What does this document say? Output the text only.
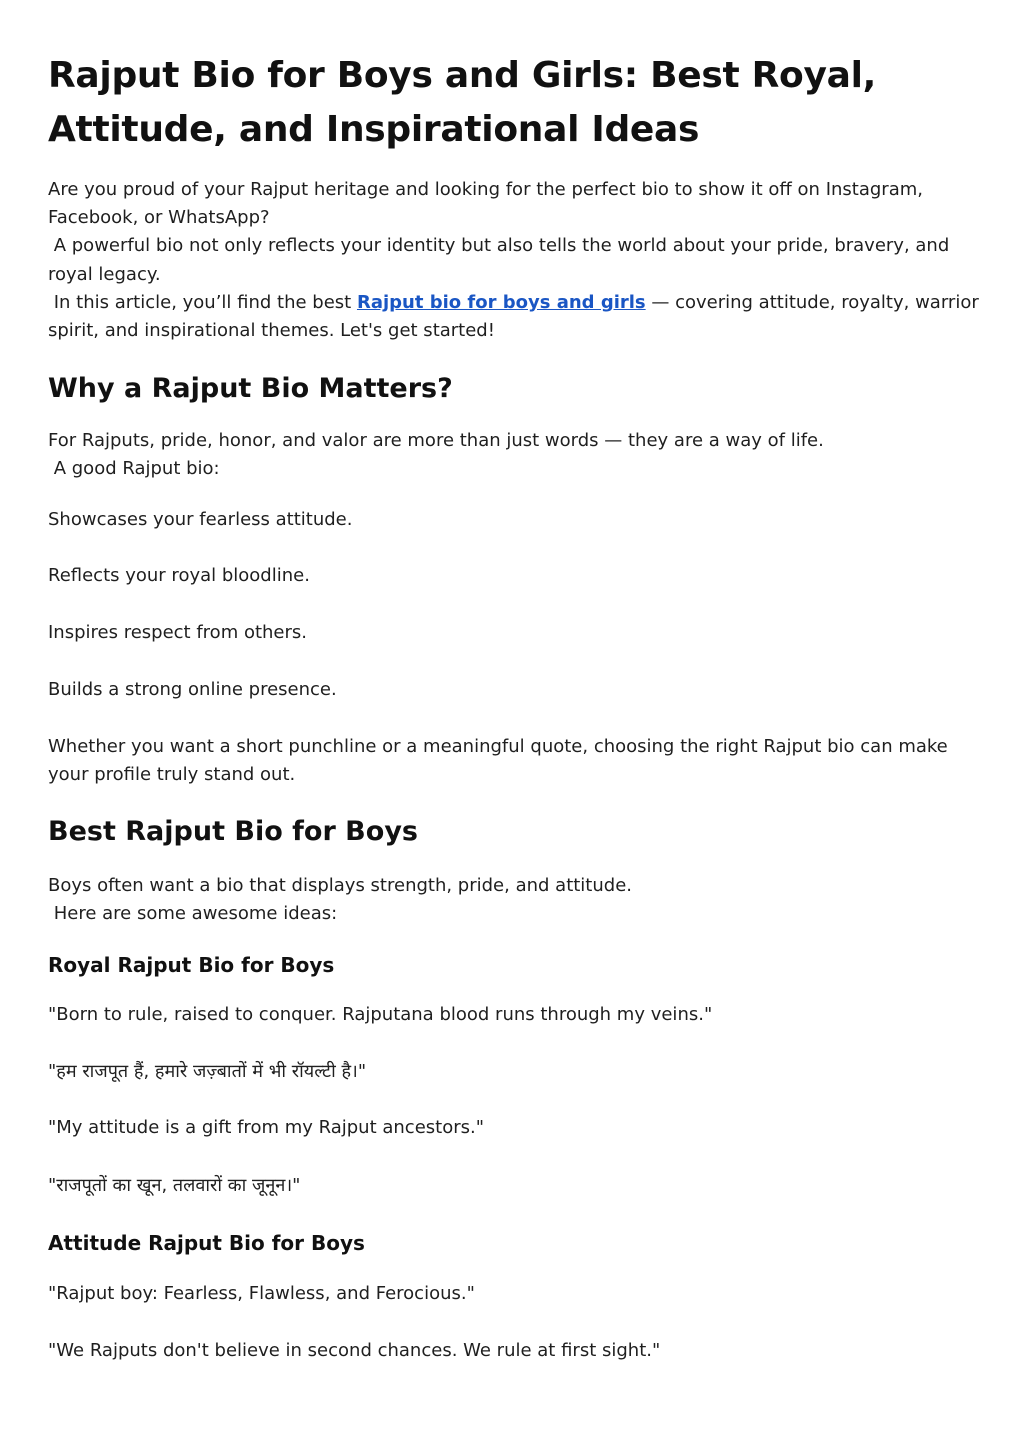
Rajput Bio for Boys and Girls: Best Royal,
Attitude, and Inspirational Ideas
Are you proud of your Rajput heritage and looking for the perfect bio to show it off on Instagram,
Facebook, or WhatsApp?
A powerful bio not only reflects your identity but also tells the world about your pride, bravery, and
royal legacy.
In this article, you’ll find the best Rajput bio for boys and girls — covering attitude, royalty, warrior
spirit, and inspirational themes. Let's get started!
Why a Rajput Bio Matters?
For Rajputs, pride, honor, and valor are more than just words — they are a way of life.
A good Rajput bio:
Showcases your fearless attitude.
Reflects your royal bloodline.
Inspires respect from others.
Builds a strong online presence.
Whether you want a short punchline or a meaningful quote, choosing the right Rajput bio can make
your profile truly stand out.
Best Rajput Bio for Boys
Boys often want a bio that displays strength, pride, and attitude.
Here are some awesome ideas:
Royal Rajput Bio for Boys
"Born to rule, raised to conquer. Rajputana blood runs through my veins."
"हम राजपूत हैं, हमारे जज़्बातों में भी रॉयल्टी है।"
"My attitude is a gift from my Rajput ancestors."
"राजपूतों का खून, तलवारों का जूनून।"
Attitude Rajput Bio for Boys
"Rajput boy: Fearless, Flawless, and Ferocious."
"We Rajputs don't believe in second chances. We rule at first sight."
